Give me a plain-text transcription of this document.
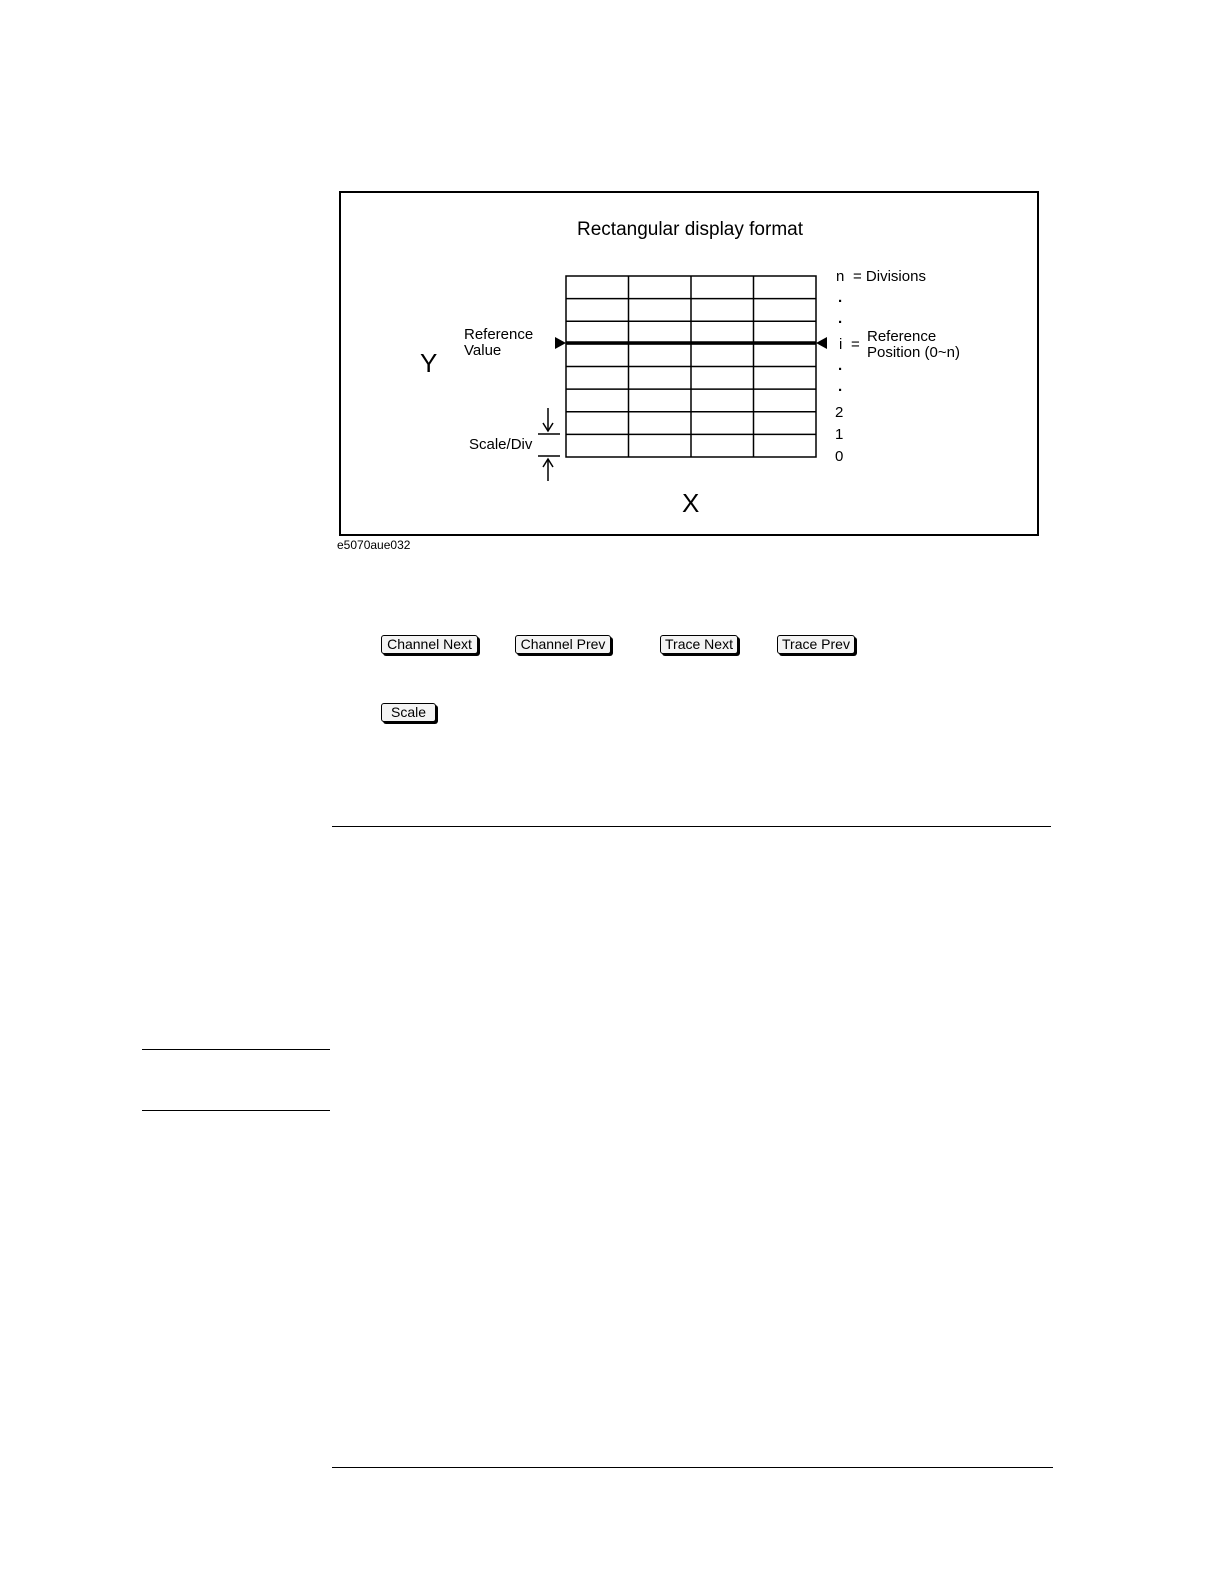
Rectangular display format
Y
X
Reference
Value
Scale/Div
n = Divisions
.
.
i = Reference
Position (0~n)
.
.
2
1
0
e5070aue032
Channel Next	Channel Prev	Trace Next	Trace Prev
Scale
